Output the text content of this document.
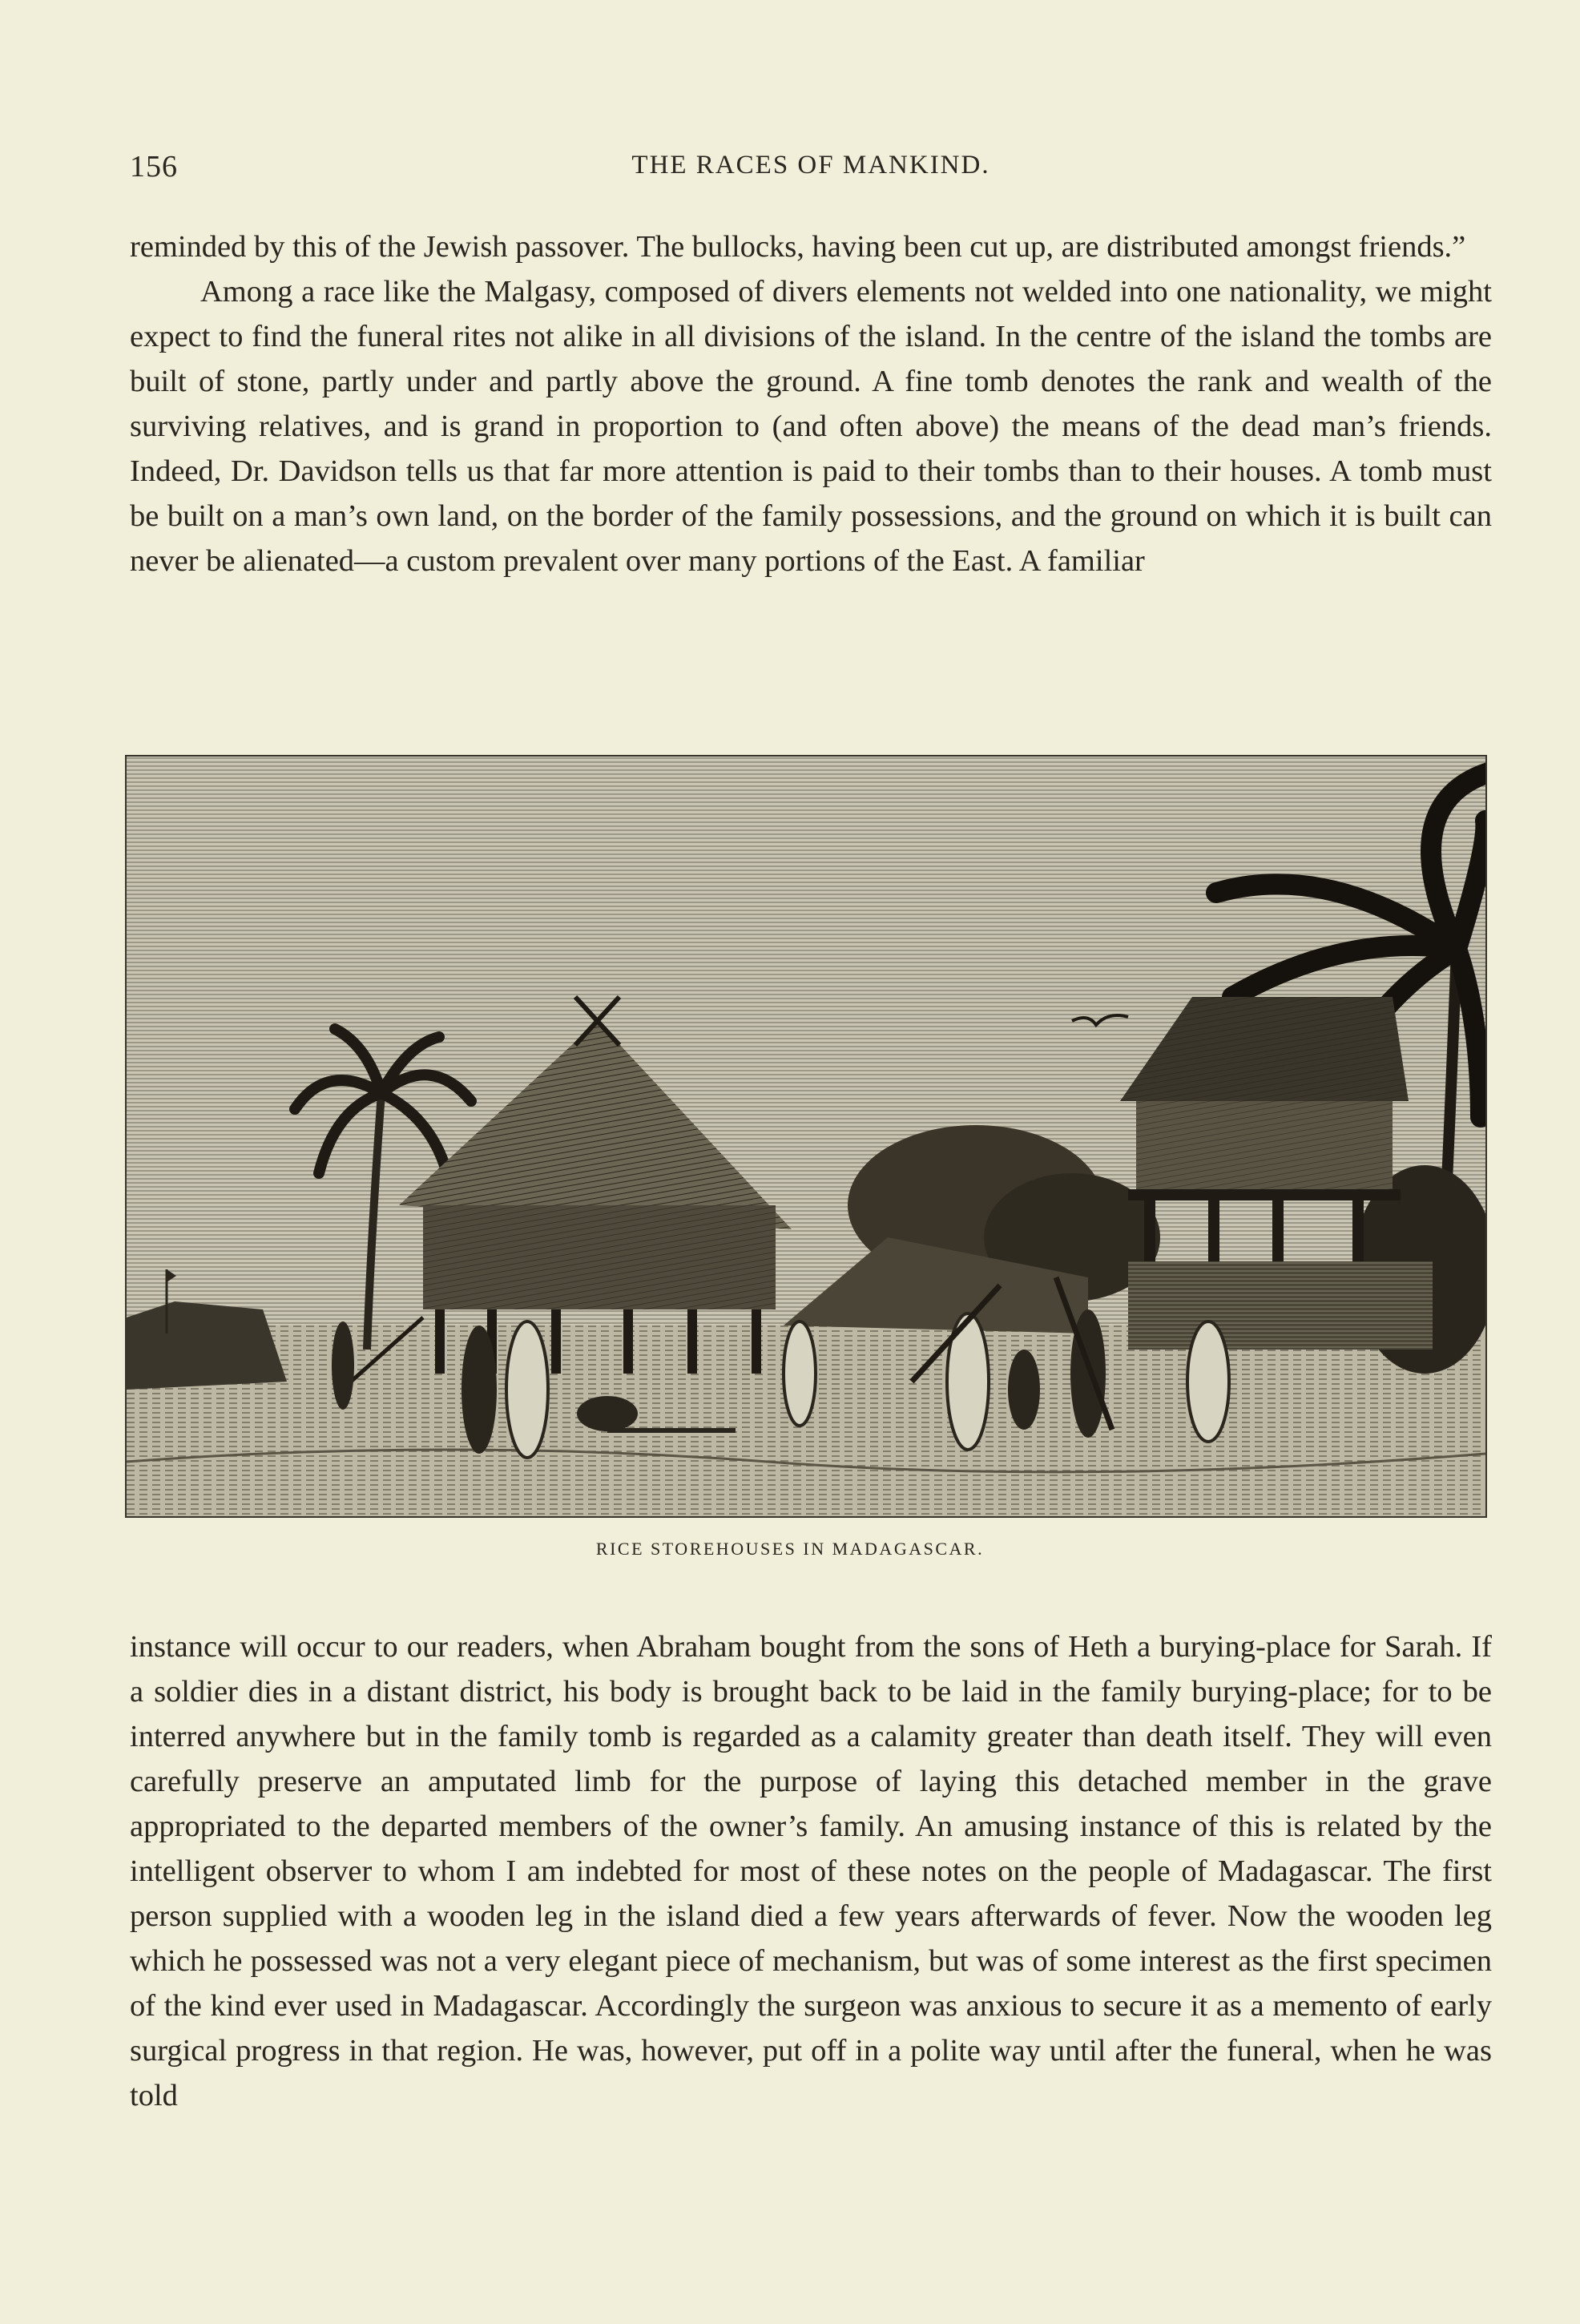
156	THE RACES OF MANKIND.

reminded by this of the Jewish passover. The bullocks, having been cut up, are distributed amongst friends.”

Among a race like the Malgasy, composed of divers elements not welded into one nationality, we might expect to find the funeral rites not alike in all divisions of the island. In the centre of the island the tombs are built of stone, partly under and partly above the ground. A fine tomb denotes the rank and wealth of the surviving relatives, and is grand in proportion to (and often above) the means of the dead man’s friends. Indeed, Dr. Davidson tells us that far more attention is paid to their tombs than to their houses. A tomb must be built on a man’s own land, on the border of the family possessions, and the ground on which it is built can never be alienated—a custom prevalent over many portions of the East. A familiar

RICE STOREHOUSES IN MADAGASCAR.

instance will occur to our readers, when Abraham bought from the sons of Heth a burying-place for Sarah. If a soldier dies in a distant district, his body is brought back to be laid in the family burying-place; for to be interred anywhere but in the family tomb is regarded as a calamity greater than death itself. They will even carefully preserve an amputated limb for the purpose of laying this detached member in the grave appropriated to the departed members of the owner’s family. An amusing instance of this is related by the intelligent observer to whom I am indebted for most of these notes on the people of Madagascar. The first person supplied with a wooden leg in the island died a few years afterwards of fever. Now the wooden leg which he possessed was not a very elegant piece of mechanism, but was of some interest as the first specimen of the kind ever used in Madagascar. Accordingly the surgeon was anxious to secure it as a memento of early surgical progress in that region. He was, however, put off in a polite way until after the funeral, when he was told
